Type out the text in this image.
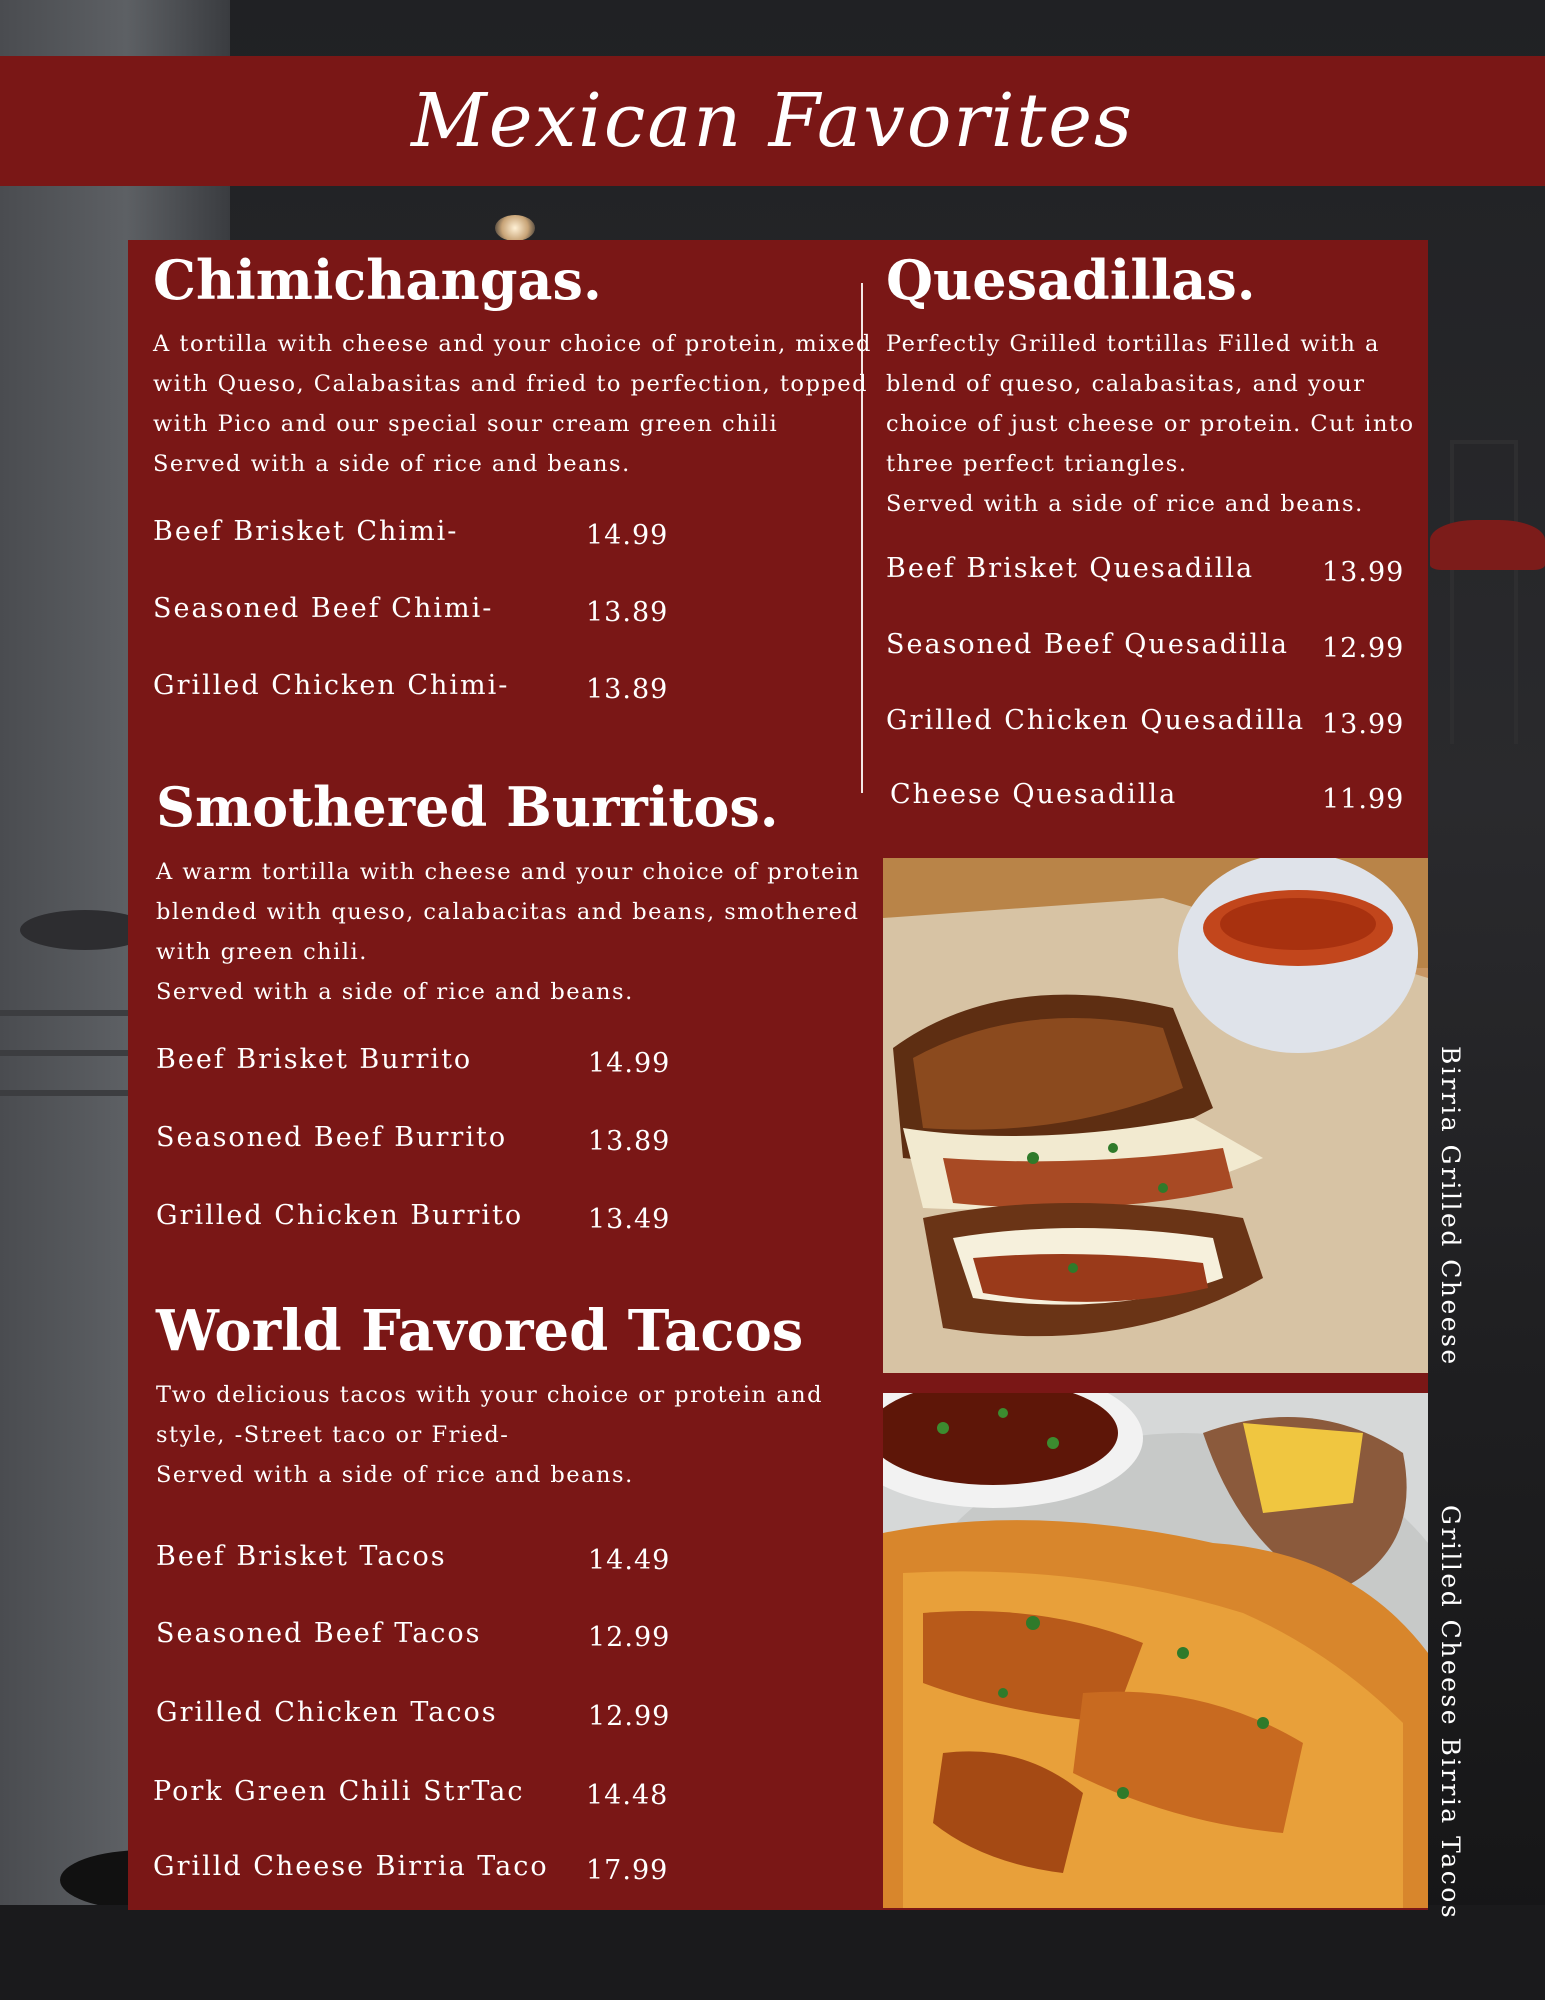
Mexican Favorites
Chimichangas.
A tortilla with cheese and your choice of protein, mixed
with Queso, Calabasitas and fried to perfection, topped
with Pico and our special sour cream green chili
Served with a side of rice and beans.
Beef Brisket Chimi-	14.99
Seasoned Beef Chimi-	13.89
Grilled Chicken Chimi-	13.89
Quesadillas.
Perfectly Grilled tortillas Filled with a
blend of queso, calabasitas, and your
choice of just cheese or protein. Cut into
three perfect triangles.
Served with a side of rice and beans.
Beef Brisket Quesadilla	13.99
Seasoned Beef Quesadilla 12.99
Grilled Chicken Quesadilla 13.99
Cheese Quesadilla	11.99
Smothered Burritos.
A warm tortilla with cheese and your choice of protein
blended with queso, calabacitas and beans, smothered
with green chili.
Served with a side of rice and beans.
Beef Brisket Burrito	14.99
Seasoned Beef Burrito	13.89
Grilled Chicken Burrito 13.49
World Favored Tacos
Two delicious tacos with your choice or protein and
style, -Street taco or Fried-
Served with a side of rice and beans.
Beef Brisket Tacos	14.49
Seasoned Beef Tacos	12.99
Grilled Chicken Tacos	12.99
Pork Green Chili StrTac 14.48
Grilld Cheese Birria Taco 17.99
Birria Grilled Cheese
Grilled Cheese Birria Tacos
